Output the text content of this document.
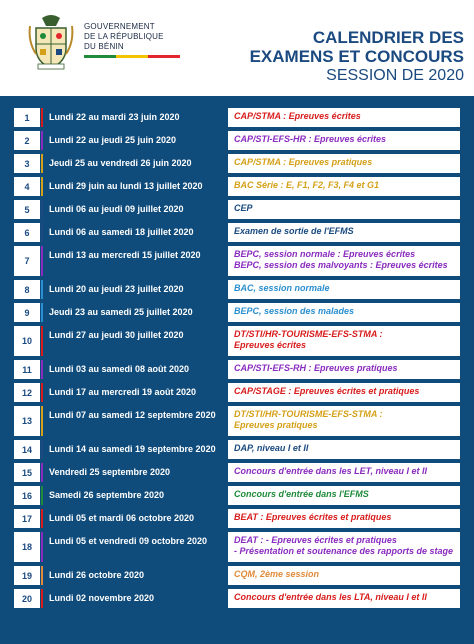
GOUVERNEMENT
DE LA RÉPUBLIQUE
DU BÉNIN	CALENDRIER DES
EXAMENS ET CONCOURS
SESSION DE 2020
1	Lundi 22 au mardi 23 juin 2020	CAP/STMA : Epreuves écrites
2	Lundi 22 au jeudi 25 juin 2020	CAP/STI-EFS-HR : Epreuves écrites
3	Jeudi 25 au vendredi 26 juin 2020	CAP/STMA : Epreuves pratiques
4	Lundi 29 juin au lundi 13 juillet 2020	BAC Série : E, F1, F2, F3, F4 et G1
5	Lundi 06 au jeudi 09 juillet 2020	CEP
6	Lundi 06 au samedi 18 juillet 2020	Examen de sortie de l'EFMS
7
Lundi 13 au mercredi 15 juillet 2020	BEPC, session normale : Epreuves écrites
BEPC, session des malvoyants : Epreuves écrites
8	Lundi 20 au jeudi 23 juillet 2020	BAC, session normale
9	Jeudi 23 au samedi 25 juillet 2020	BEPC, session des malades
10
Lundi 27 au jeudi 30 juillet 2020	DT/STI/HR-TOURISME-EFS-STMA :
Epreuves écrites
11	Lundi 03 au samedi 08 août 2020	CAP/STI-EFS-RH : Epreuves pratiques
12	Lundi 17 au mercredi 19 août 2020	CAP/STAGE : Epreuves écrites et pratiques
13
Lundi 07 au samedi 12 septembre 2020	DT/STI/HR-TOURISME-EFS-STMA :
Epreuves pratiques
14	Lundi 14 au samedi 19 septembre 2020	DAP, niveau I et II
15	Vendredi 25 septembre 2020	Concours d'entrée dans les LET, niveau I et II
16	Samedi 26 septembre 2020	Concours d'entrée dans l'EFMS
17	Lundi 05 et mardi 06 octobre 2020	BEAT : Epreuves écrites et pratiques
18
Lundi 05 et vendredi 09 octobre 2020	DEAT : - Epreuves écrites et pratiques
- Présentation et soutenance des rapports de stage
19	Lundi 26 octobre 2020	CQM, 2ème session
20	Lundi 02 novembre 2020	Concours d'entrée dans les LTA, niveau I et II
